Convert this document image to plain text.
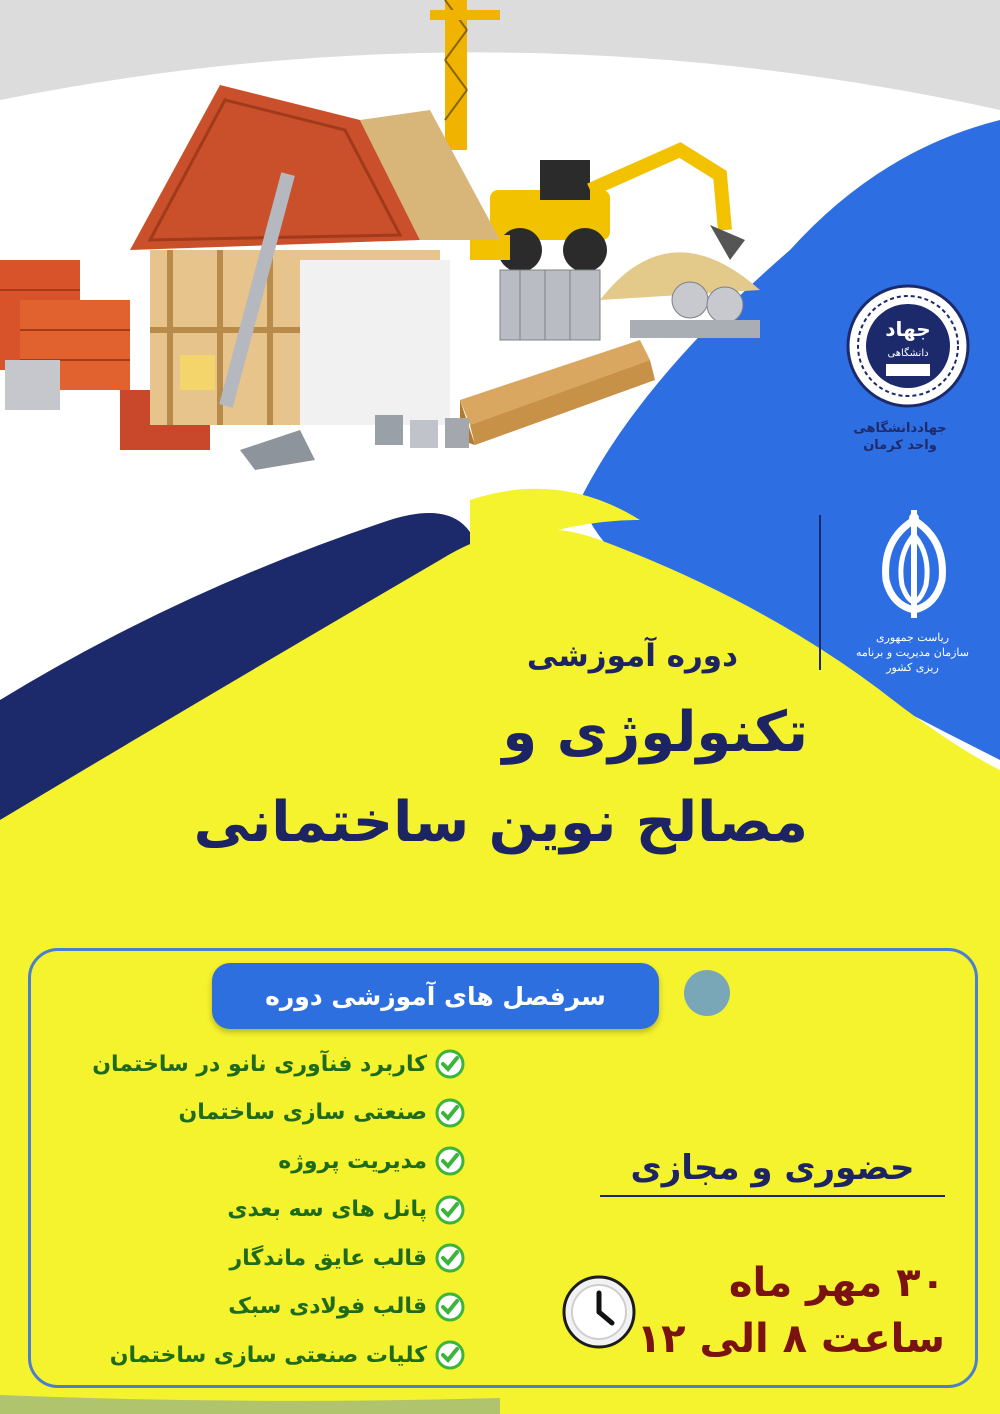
جهاد
دانشگاهی
جهاددانشگاهی
واحد کرمان
ریاست جمهوری
سازمان مدیریت و برنامه ریزی کشور
دوره آموزشی
تکنولوژی و
مصالح نوین ساختمانی
سرفصل های آموزشی دوره
کاربرد فنآوری نانو در ساختمان
صنعتی سازی ساختمان
مدیریت پروژه
پانل های سه بعدی
قالب عایق ماندگار
قالب فولادی سبک
کلیات صنعتی سازی ساختمان
حضوری و مجازی
۳۰ مهر ماه
ساعت ۸ الی ۱۲
